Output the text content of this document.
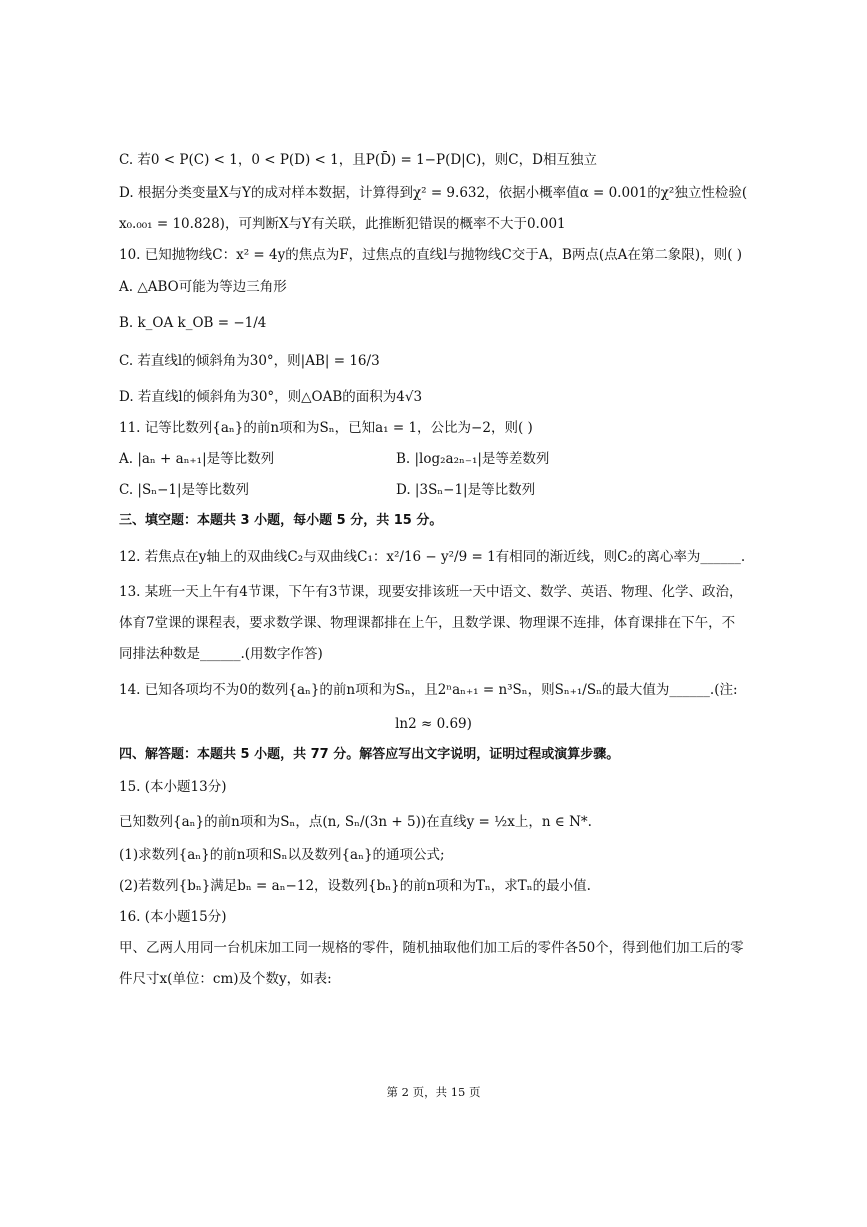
C. 若0 < P(C) < 1，0 < P(D) < 1，且P(D̄) = 1−P(D|C)，则C，D相互独立
D. 根据分类变量X与Y的成对样本数据，计算得到χ² = 9.632，依据小概率值α = 0.001的χ²独立性检验(
x₀.₀₀₁ = 10.828)，可判断X与Y有关联，此推断犯错误的概率不大于0.001
10. 已知抛物线C：x² = 4y的焦点为F，过焦点的直线l与抛物线C交于A，B两点(点A在第二象限)，则( )
A. △ABO可能为等边三角形
B. k_OA k_OB = −1/4
C. 若直线l的倾斜角为30°，则|AB| = 16/3
D. 若直线l的倾斜角为30°，则△OAB的面积为4√3
11. 记等比数列{aₙ}的前n项和为Sₙ，已知a₁ = 1，公比为−2，则( )
A. |aₙ + aₙ₊₁|是等比数列	B. |log₂a₂ₙ₋₁|是等差数列
C. |Sₙ−1|是等比数列	D. |3Sₙ−1|是等比数列
三、填空题：本题共 3 小题，每小题 5 分，共 15 分。
12. 若焦点在y轴上的双曲线C₂与双曲线C₁：x²/16 − y²/9 = 1有相同的渐近线，则C₂的离心率为______.
13. 某班一天上午有4节课，下午有3节课，现要安排该班一天中语文、数学、英语、物理、化学、政治，
体育7堂课的课程表，要求数学课、物理课都排在上午，且数学课、物理课不连排，体育课排在下午，不
同排法种数是______.(用数字作答)
14. 已知各项均不为0的数列{aₙ}的前n项和为Sₙ，且2ⁿaₙ₊₁ = n³Sₙ，则Sₙ₊₁/Sₙ的最大值为______.(注:
ln2 ≈ 0.69)
四、解答题：本题共 5 小题，共 77 分。解答应写出文字说明，证明过程或演算步骤。
15. (本小题13分)
已知数列{aₙ}的前n项和为Sₙ，点(n, Sₙ/(3n + 5))在直线y = ½x上，n ∈ N*.
(1)求数列{aₙ}的前n项和Sₙ以及数列{aₙ}的通项公式;
(2)若数列{bₙ}满足bₙ = aₙ−12，设数列{bₙ}的前n项和为Tₙ，求Tₙ的最小值.
16. (本小题15分)
甲、乙两人用同一台机床加工同一规格的零件，随机抽取他们加工后的零件各50个，得到他们加工后的零
件尺寸x(单位：cm)及个数y，如表:
第 2 页，共 15 页
